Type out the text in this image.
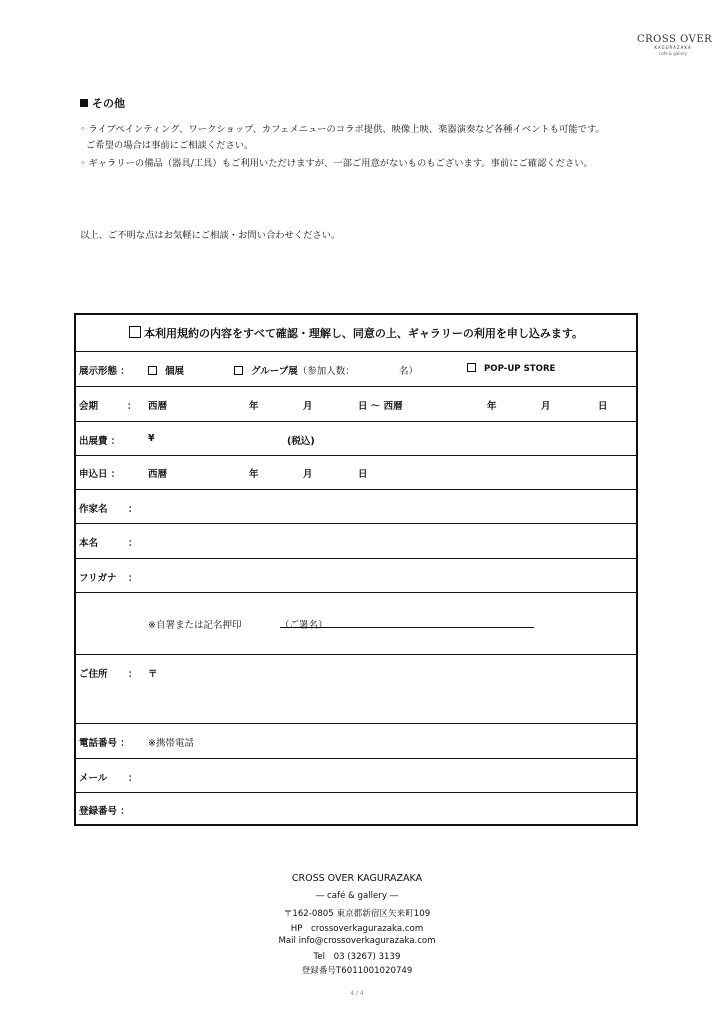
CROSS OVER
KAGURAZAKA
cafe & gallery
その他
◦ ライブペインティング、ワークショップ、カフェメニューのコラボ提供、映像上映、楽器演奏など各種イベントも可能です。
ご希望の場合は事前にご相談ください。
◦ ギャラリーの備品（器具/工具）もご利用いただけますが、一部ご用意がないものもございます。事前にご確認ください。
以上、ご不明な点はお気軽にご相談・お問い合わせください。
本利用規約の内容をすべて確認・理解し、同意の上、ギャラリーの利用を申し込みます。
展示形態 ：	個展	グループ展（参加人数：	名）	POP-UP STORE
会期	： 西暦	年	月	日 ～ 西暦	年	月	日
出展費 ：	¥	(税込)
申込日 ：	西暦	年	月	日
作家名 ：
本名	：
フリガナ ：
※自署または記名押印	（ご署名）
ご住所 ： 〒
電話番号 ： ※携帯電話
メール ：
登録番号 ：
CROSS OVER KAGURAZAKA
― café & gallery ―
〒162-0805 東京都新宿区矢来町109
HP　crossoverkagurazaka.com
Mail info@crossoverkagurazaka.com
Tel　03 (3267) 3139
登録番号T6011001020749
4 / 4
